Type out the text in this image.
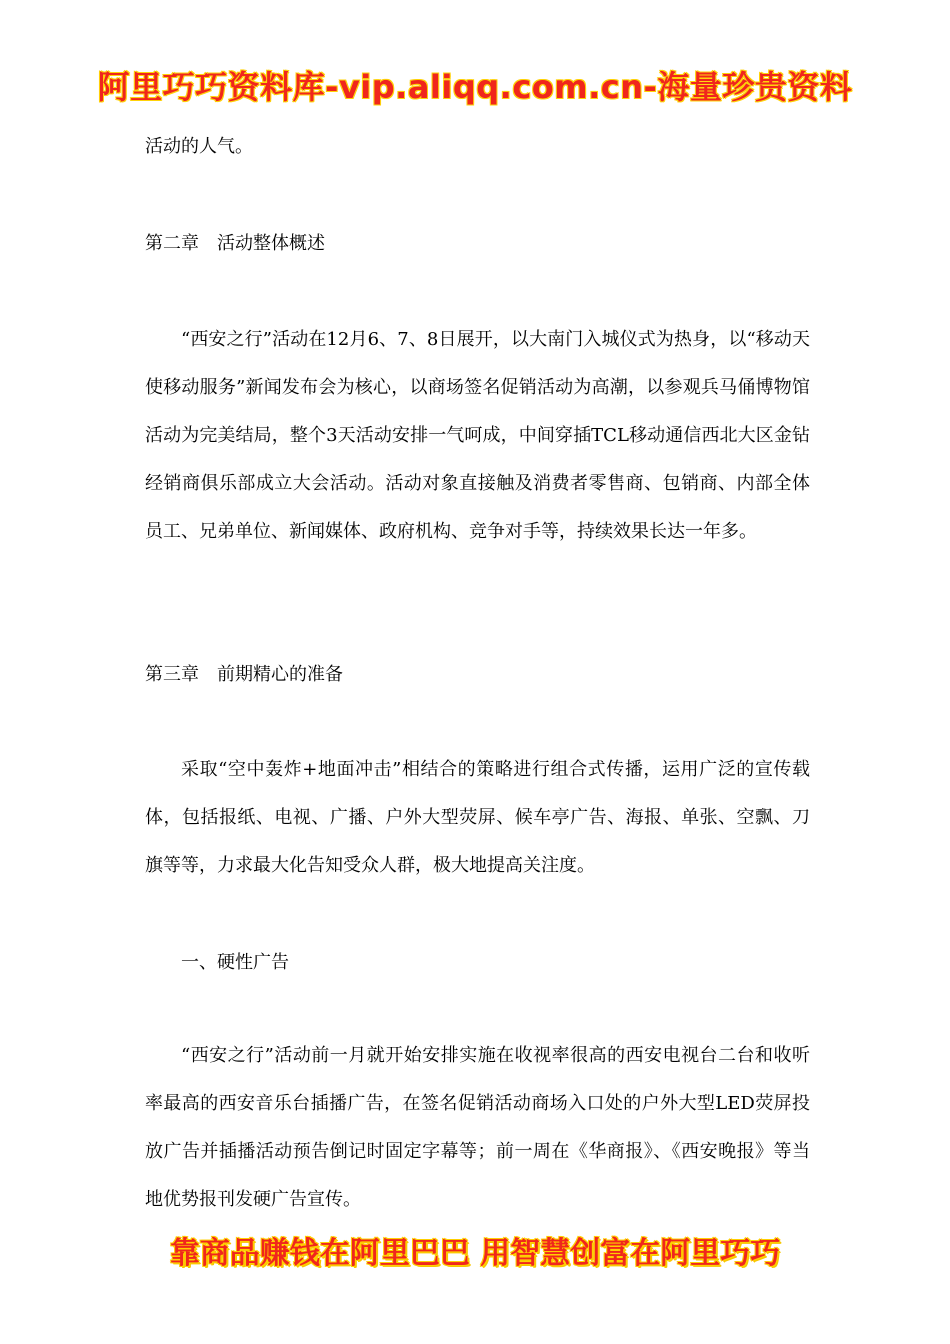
阿里巧巧资料库-vip.aliqq.com.cn-海量珍贵资料
活动的人气。
第二章　活动整体概述

“西安之行”活动在12月6、7、8日展开，以大南门入城仪式为热身，以“移动天使移动服务”新闻发布会为核心，以商场签名促销活动为高潮，以参观兵马俑博物馆活动为完美结局，整个3天活动安排一气呵成，中间穿插TCL移动通信西北大区金钻经销商俱乐部成立大会活动。活动对象直接触及消费者零售商、包销商、内部全体员工、兄弟单位、新闻媒体、政府机构、竞争对手等，持续效果长达一年多。

第三章　前期精心的准备

采取“空中轰炸+地面冲击”相结合的策略进行组合式传播，运用广泛的宣传载体，包括报纸、电视、广播、户外大型荧屏、候车亭广告、海报、单张、空飘、刀旗等等，力求最大化告知受众人群，极大地提高关注度。

一、硬性广告

“西安之行”活动前一月就开始安排实施在收视率很高的西安电视台二台和收听率最高的西安音乐台插播广告，在签名促销活动商场入口处的户外大型LED荧屏投放广告并插播活动预告倒记时固定字幕等；前一周在《华商报》、《西安晚报》等当地优势报刊发硬广告宣传。

靠商品赚钱在阿里巴巴 用智慧创富在阿里巧巧
